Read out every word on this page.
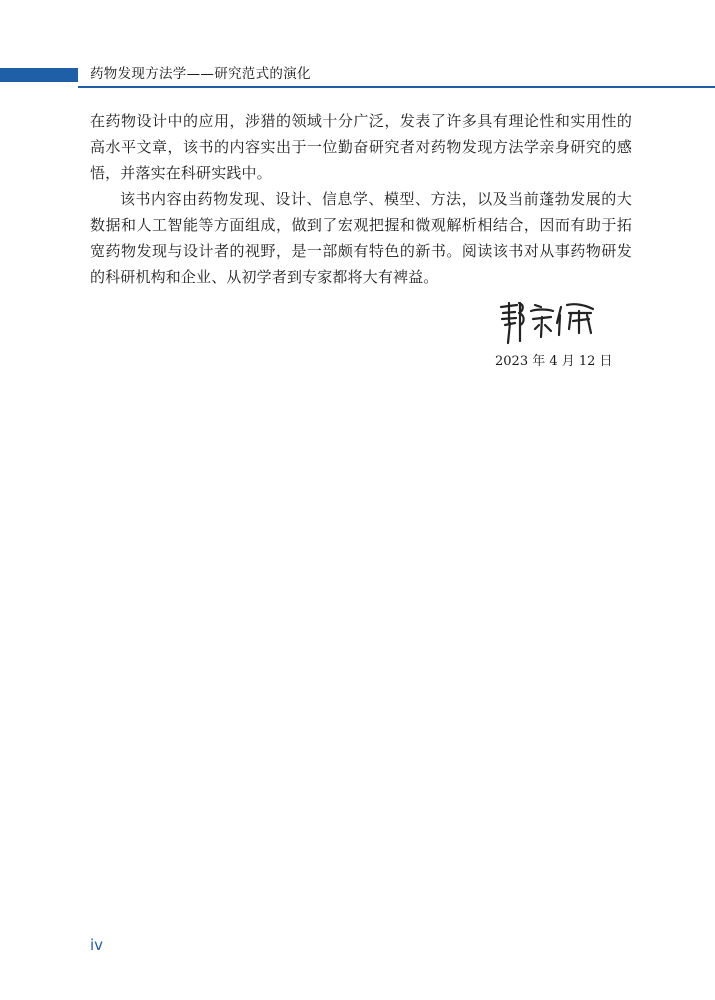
药物发现方法学——研究范式的演化

在药物设计中的应用，涉猎的领域十分广泛，发表了许多具有理论性和实用性的高水平文章，该书的内容实出于一位勤奋研究者对药物发现方法学亲身研究的感悟，并落实在科研实践中。

该书内容由药物发现、设计、信息学、模型、方法，以及当前蓬勃发展的大数据和人工智能等方面组成，做到了宏观把握和微观解析相结合，因而有助于拓宽药物发现与设计者的视野，是一部颇有特色的新书。阅读该书对从事药物研发的科研机构和企业、从初学者到专家都将大有裨益。

2023 年 4 月 12 日
iv
